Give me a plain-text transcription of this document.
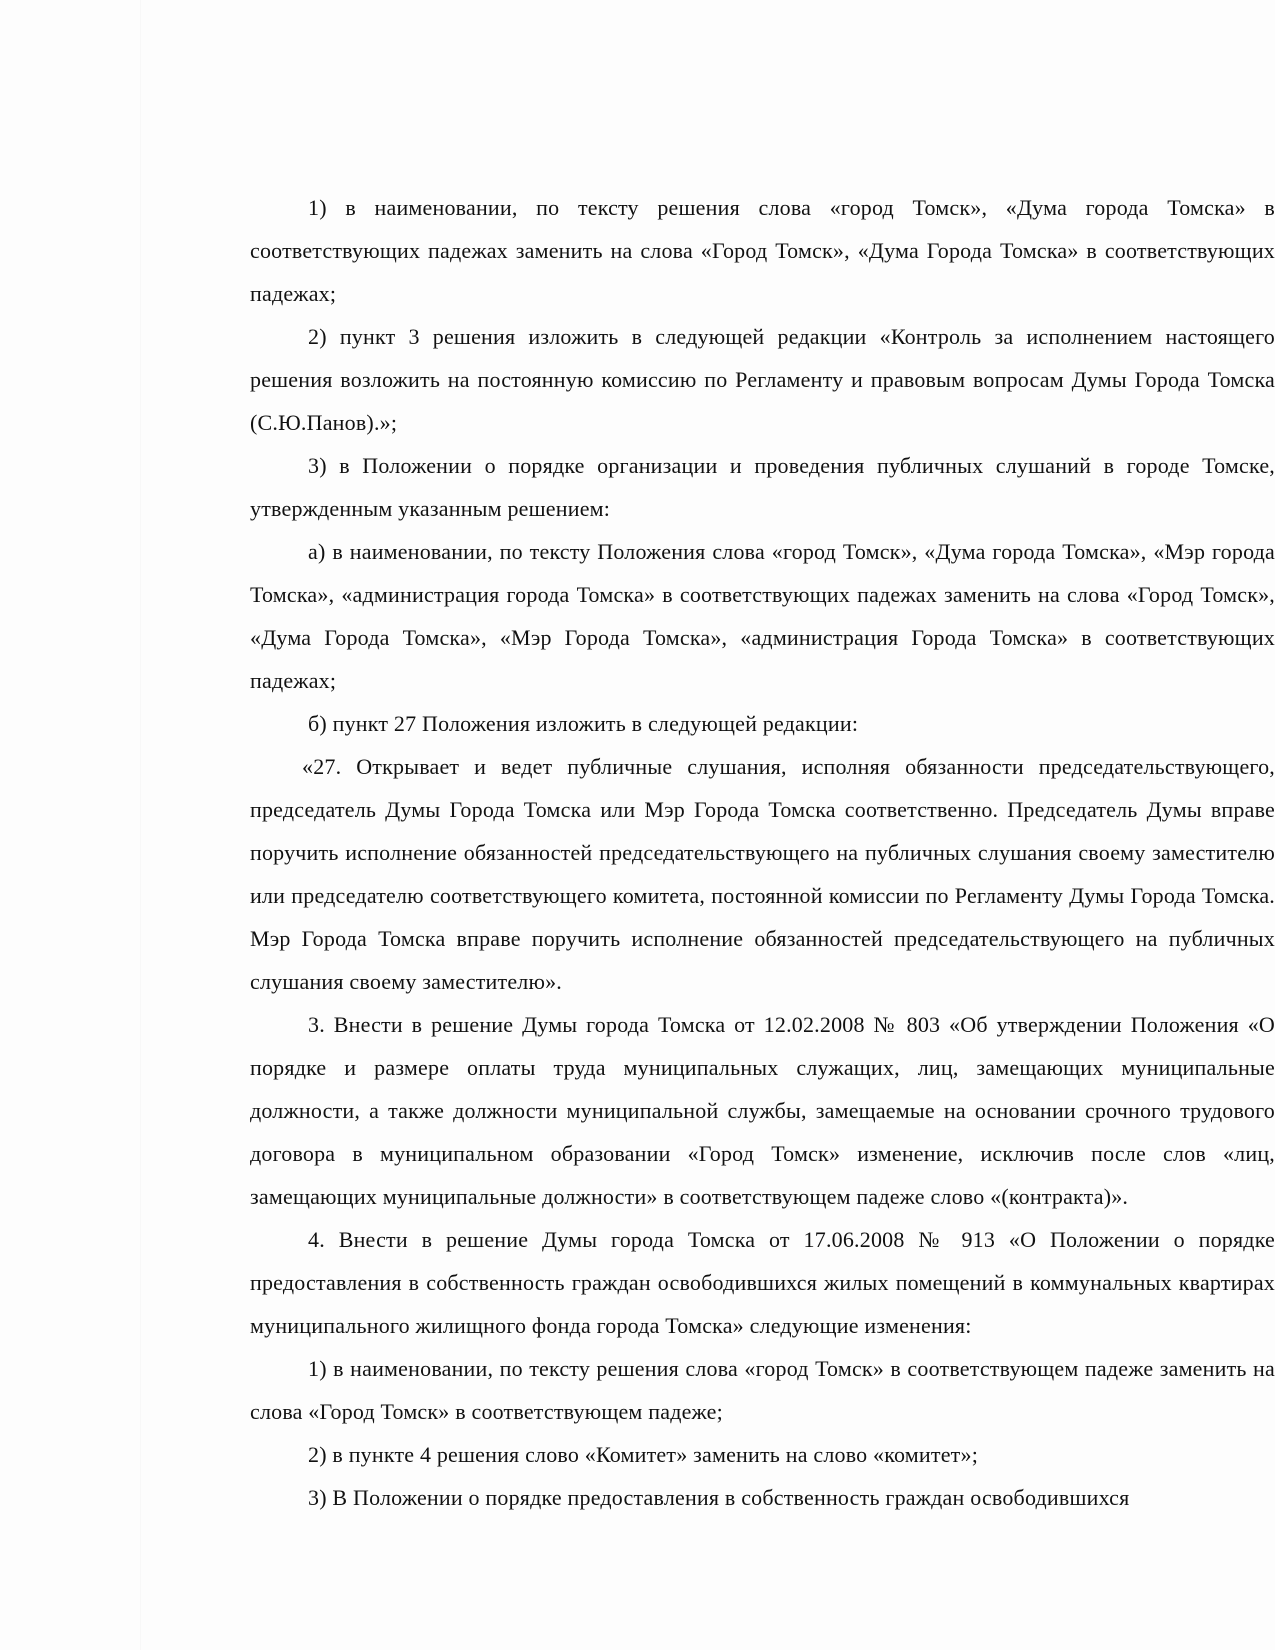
1) в наименовании, по тексту решения слова «город Томск», «Дума города Томска» в соответствующих падежах заменить на слова «Город Томск», «Дума Города Томска» в соответствующих падежах;

2) пункт 3 решения изложить в следующей редакции «Контроль за исполнением настоящего решения возложить на постоянную комиссию по Регламенту и правовым вопросам Думы Города Томска (С.Ю.Панов).»;

3) в Положении о порядке организации и проведения публичных слушаний в городе Томске, утвержденным указанным решением:

а) в наименовании, по тексту Положения слова «город Томск», «Дума города Томска», «Мэр города Томска», «администрация города Томска» в соответствующих падежах заменить на слова «Город Томск», «Дума Города Томска», «Мэр Города Томска», «администрация Города Томска» в соответствующих падежах;

б) пункт 27 Положения изложить в следующей редакции:

«27. Открывает и ведет публичные слушания, исполняя обязанности председательствующего, председатель Думы Города Томска или Мэр Города Томска соответственно. Председатель Думы вправе поручить исполнение обязанностей председательствующего на публичных слушания своему заместителю или председателю соответствующего комитета, постоянной комиссии по Регламенту Думы Города Томска. Мэр Города Томска вправе поручить исполнение обязанностей председательствующего на публичных слушания своему заместителю».

3. Внести в решение Думы города Томска от 12.02.2008 № 803 «Об утверждении Положения «О порядке и размере оплаты труда муниципальных служащих, лиц, замещающих муниципальные должности, а также должности муниципальной службы, замещаемые на основании срочного трудового договора в муниципальном образовании «Город Томск» изменение, исключив после слов «лиц, замещающих муниципальные должности» в соответствующем падеже слово «(контракта)».

4. Внести в решение Думы города Томска от 17.06.2008 № 913 «О Положении о порядке предоставления в собственность граждан освободившихся жилых помещений в коммунальных квартирах муниципального жилищного фонда города Томска» следующие изменения:

1) в наименовании, по тексту решения слова «город Томск» в соответствующем падеже заменить на слова «Город Томск» в соответствующем падеже;

2) в пункте 4 решения слово «Комитет» заменить на слово «комитет»;

3) В Положении о порядке предоставления в собственность граждан освободившихся
